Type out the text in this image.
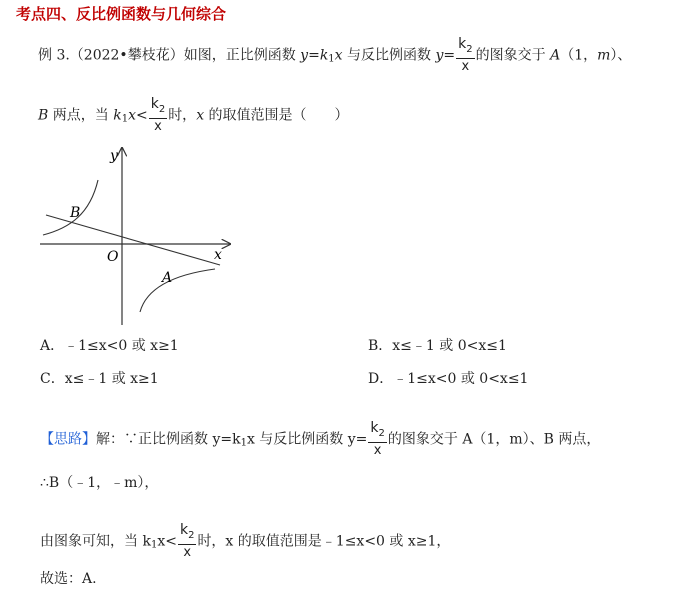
考点四、反比例函数与几何综合
例 3.（2022•攀枝花）如图，正比例函数 $y=k_1x$ 与反比例函数 $y= \frac{k_2}{x}$ 的图象交于 A（1，m）、
B 两点，当 $k_1x< \frac{k_2}{x}$ 时，x 的取值范围是（　　）
y
x
O
B
A
A．﹣1≤x<0 或 x≥1	B．x≤﹣1 或 0<x≤1
C．x≤﹣1 或 x≥1	D．﹣1≤x<0 或 0<x≤1
【思路】解：∵正比例函数 $y=k_1x$ 与反比例函数 $y= \frac{k_2}{x}$ 的图象交于 A（1，m）、B 两点，
∴B（﹣1，﹣m），
由图象可知，当 $k_1x< \frac{k_2}{x}$ 时，x 的取值范围是﹣1≤x<0 或 x≥1，
故选：A.
